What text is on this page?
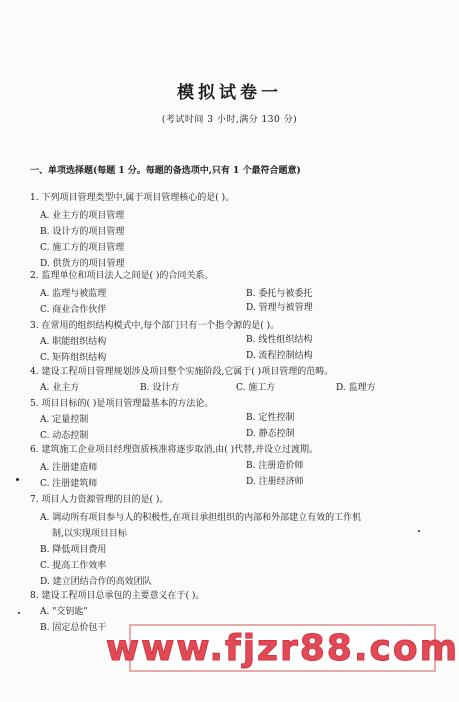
模拟试卷一
(考试时间 3 小时,满分 130 分)
一、单项选择题(每题 1 分。每题的备选项中,只有 1 个最符合题意)
1. 下列项目管理类型中,属于项目管理核心的是( )。
A. 业主方的项目管理
B. 设计方的项目管理
C. 施工方的项目管理
D. 供货方的项目管理
2. 监理单位和项目法人之间是( )的合同关系。
A. 监理与被监理	B. 委托与被委托
C. 商业合作伙伴	D. 管理与被管理
3. 在常用的组织结构模式中,每个部门只有一个指令源的是( )。
A. 职能组织结构	B. 线性组织结构
C. 矩阵组织结构	D. 流程控制结构
4. 建设工程项目管理规划涉及项目整个实施阶段,它属于( )项目管理的范畴。
A. 业主方	B. 设计方	C. 施工方	D. 监理方
5. 项目目标的( )是项目管理最基本的方法论。
A. 定量控制	B. 定性控制
C. 动态控制	D. 静态控制
6. 建筑施工企业项目经理资质核准将逐步取消,由( )代替,并设立过渡期。
A. 注册建造师	B. 注册造价师
C. 注册建筑师	D. 注册经济师
7. 项目人力资源管理的目的是( )。
A. 调动所有项目参与人的积极性,在项目承担组织的内部和外部建立有效的工作机
制,以实现项目目标
B. 降低项目费用
C. 提高工作效率
D. 建立团结合作的高效团队
8. 建设工程项目总承包的主要意义在于( )。
A. "交钥匙"
B. 固定总价包干 www.fjzr88.com
